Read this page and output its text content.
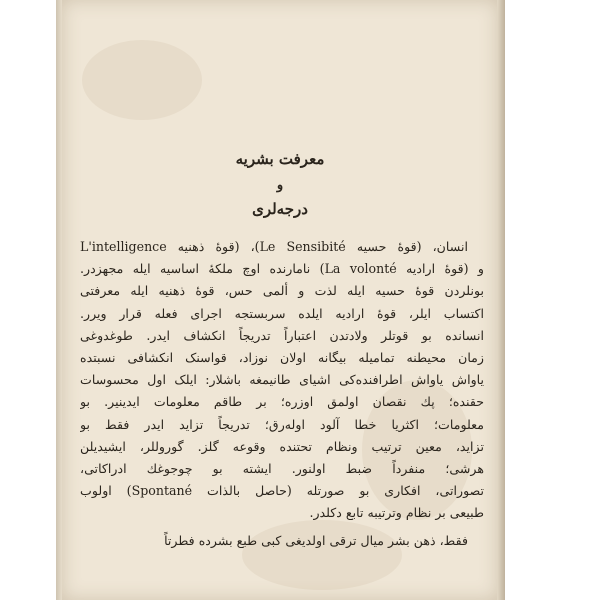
معرفت بشریه
و
درجه‌لری
انسان، (قوهٔ حسیه Le Sensibité)، (قوهٔ ذهنیه L'intelligence
و (قوهٔ ارادیه La volonté) نامارنده اوچ ملکهٔ اساسیه ایله مجهزدر.
بونلردن قوهٔ حسیه ایله لذت و ألمی حس، قوهٔ ذهنیه ایله معرفتی
اکتساب ایلر، قوهٔ ارادیه ایلده سربستجه اجرای فعله قرار ویرر.
انسانده بو قوتلر ولادتدن اعتباراً تدریجاً انکشاف ایدر. طوغدوغی
زمان محیطنه تمامیله بیگانه اولان نوزاد، قواسنک انکشافی نسبتده
یاواش یاواش اطرافنده‌کی اشیای طانیمغه باشلار: ایلک اول محسوسات
حقنده؛ پك نقصان اولمق اوزره؛ بر طاقم معلومات ایدینیر. بو
معلومات؛ اکثریا خطا آلود اوله‌رق؛ تدریجاً تزاید ایدر فقط بو
تزاید، معین ترتیب ونظام تحتنده وقوعه گلز. گوروللر، ایشیدیلن
هرشی؛ منفرداً ضبط اولنور. ایشته بو چوجوغك ادراکاتی،
تصوراتی، افکاری بو صورتله (حاصل بالذات Spontané) اولوب
طبیعی بر نظام وترتیبه تابع دکلدر.
فقط، ذهن بشر میال ترقی اولدیغی کبی طبع بشرده فطرتاً
